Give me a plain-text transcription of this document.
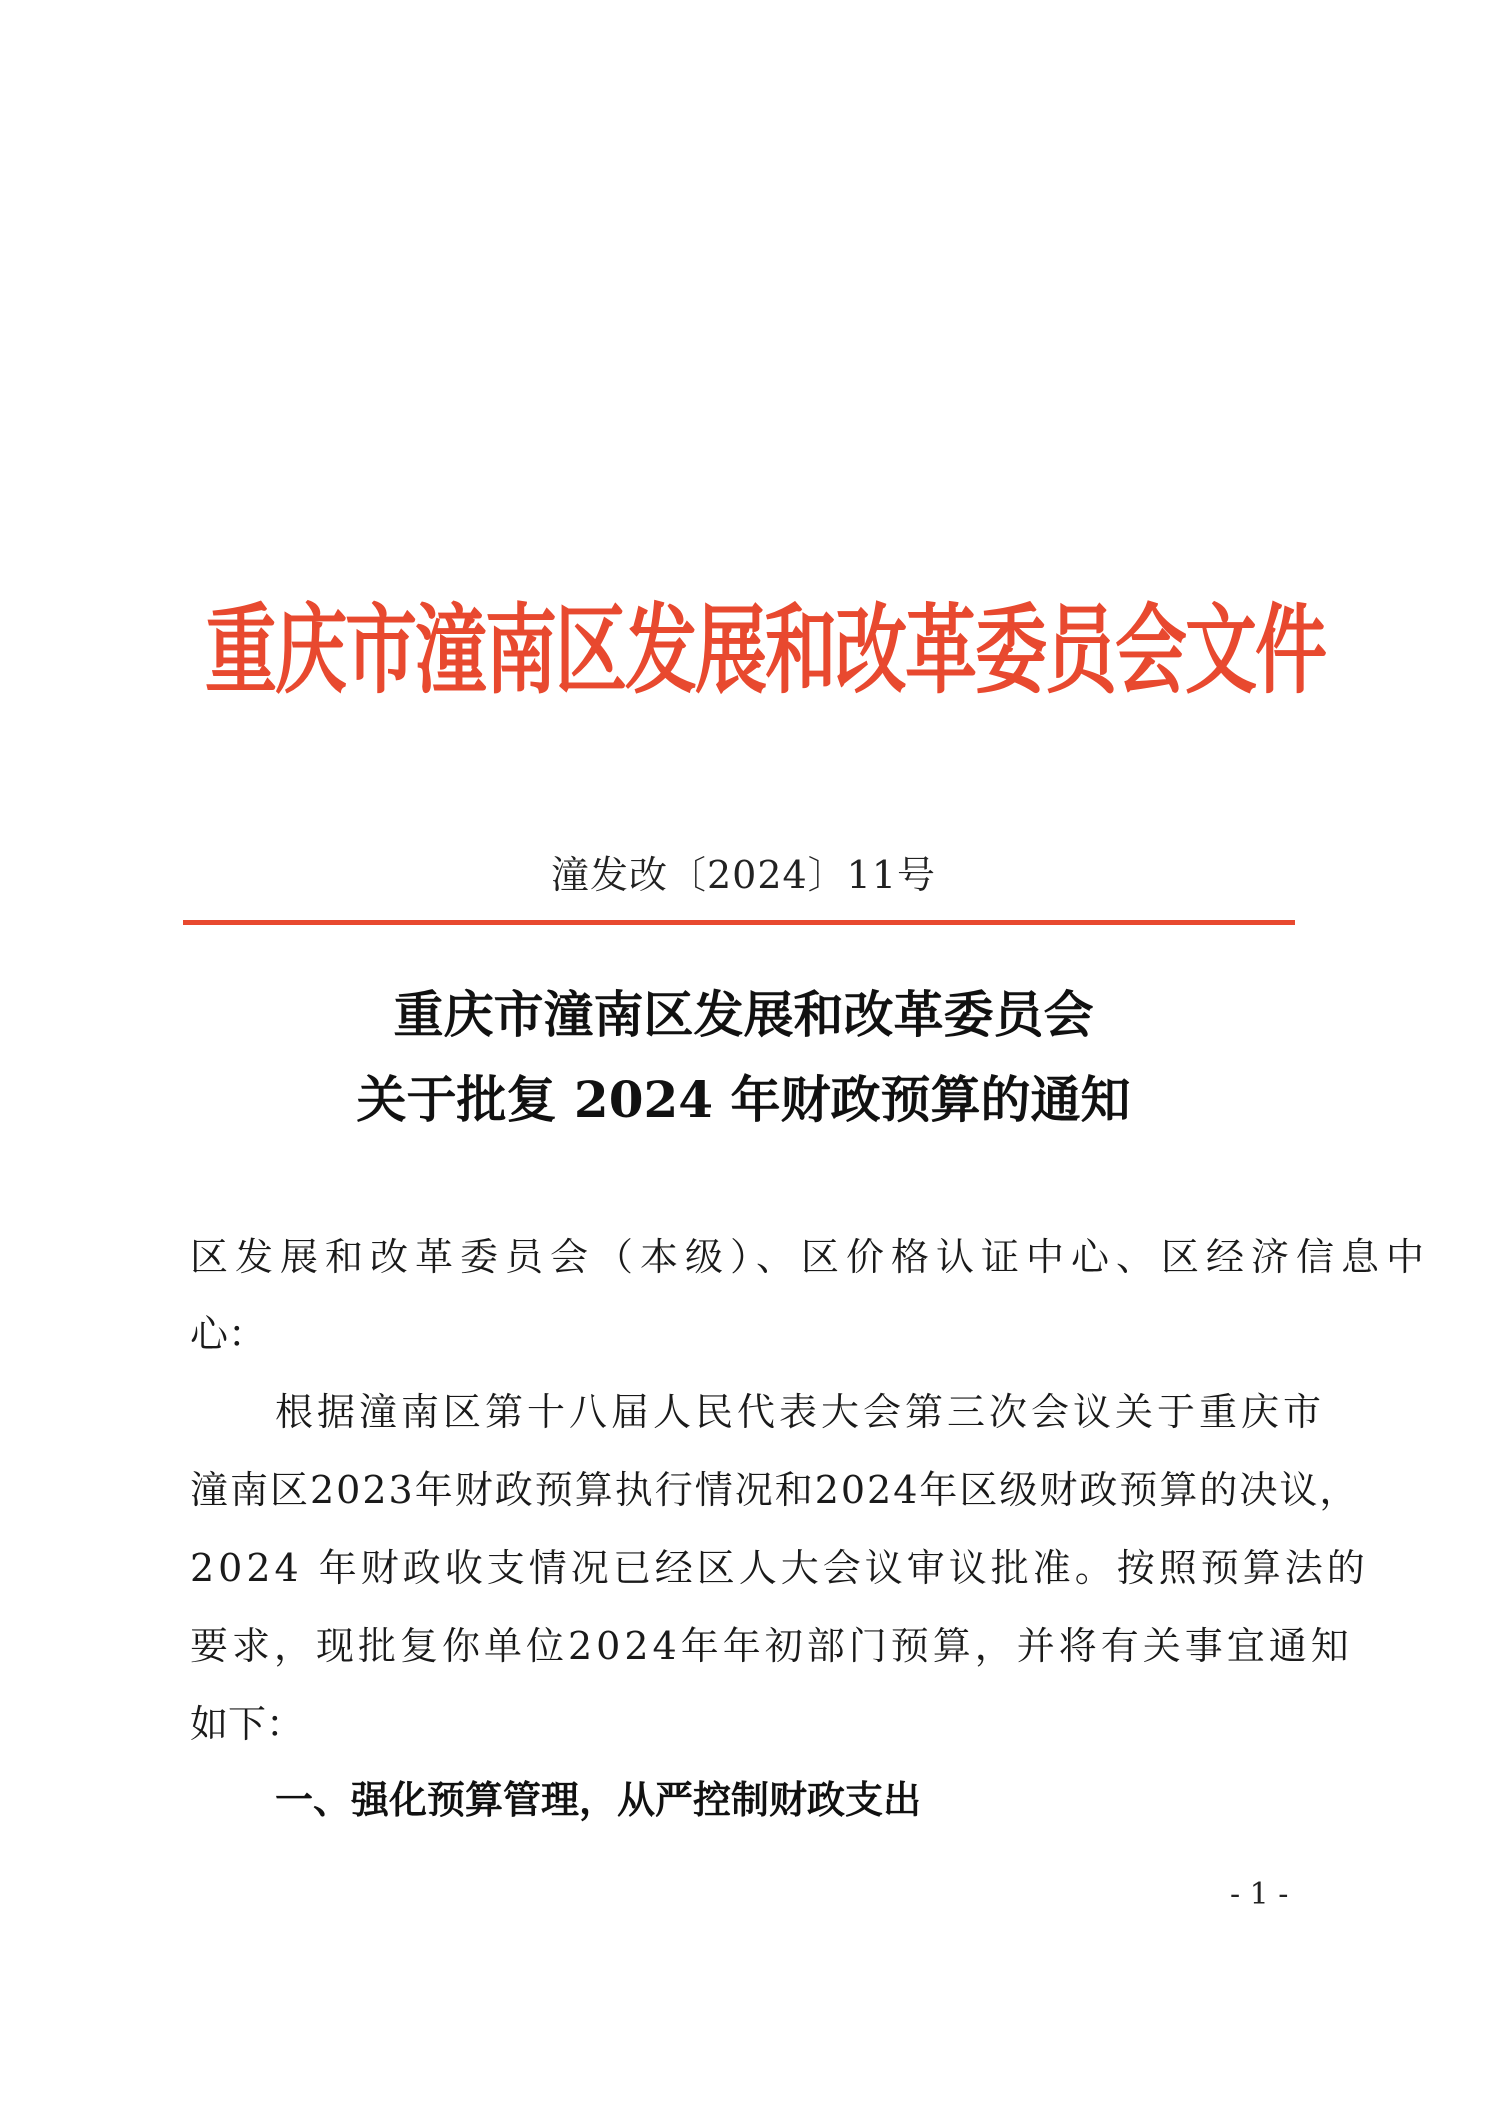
重庆市潼南区发展和改革委员会文件
潼发改〔2024〕11号
重庆市潼南区发展和改革委员会
关于批复 2024 年财政预算的通知
区发展和改革委员会（本级）、区价格认证中心、区经济信息中
心：
根据潼南区第十八届人民代表大会第三次会议关于重庆市
潼南区2023年财政预算执行情况和2024年区级财政预算的决议，
2024 年财政收支情况已经区人大会议审议批准。按照预算法的
要求，现批复你单位2024年年初部门预算，并将有关事宜通知
如下：
一、强化预算管理，从严控制财政支出
- 1 -
